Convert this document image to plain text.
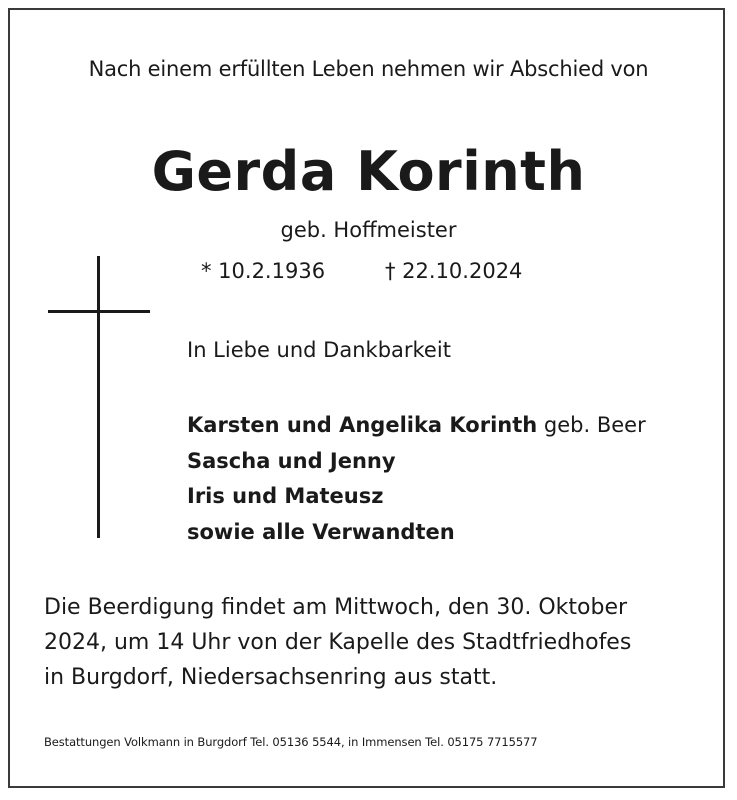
Nach einem erfüllten Leben nehmen wir Abschied von
Gerda Korinth
geb. Hoffmeister
* 10.2.1936	† 22.10.2024
In Liebe und Dankbarkeit
Karsten und Angelika Korinth geb. Beer
Sascha und Jenny
Iris und Mateusz
sowie alle Verwandten
Die Beerdigung findet am Mittwoch, den 30. Oktober
2024, um 14 Uhr von der Kapelle des Stadtfriedhofes
in Burgdorf, Niedersachsenring aus statt.
Bestattungen Volkmann in Burgdorf Tel. 05136 5544, in Immensen Tel. 05175 7715577
